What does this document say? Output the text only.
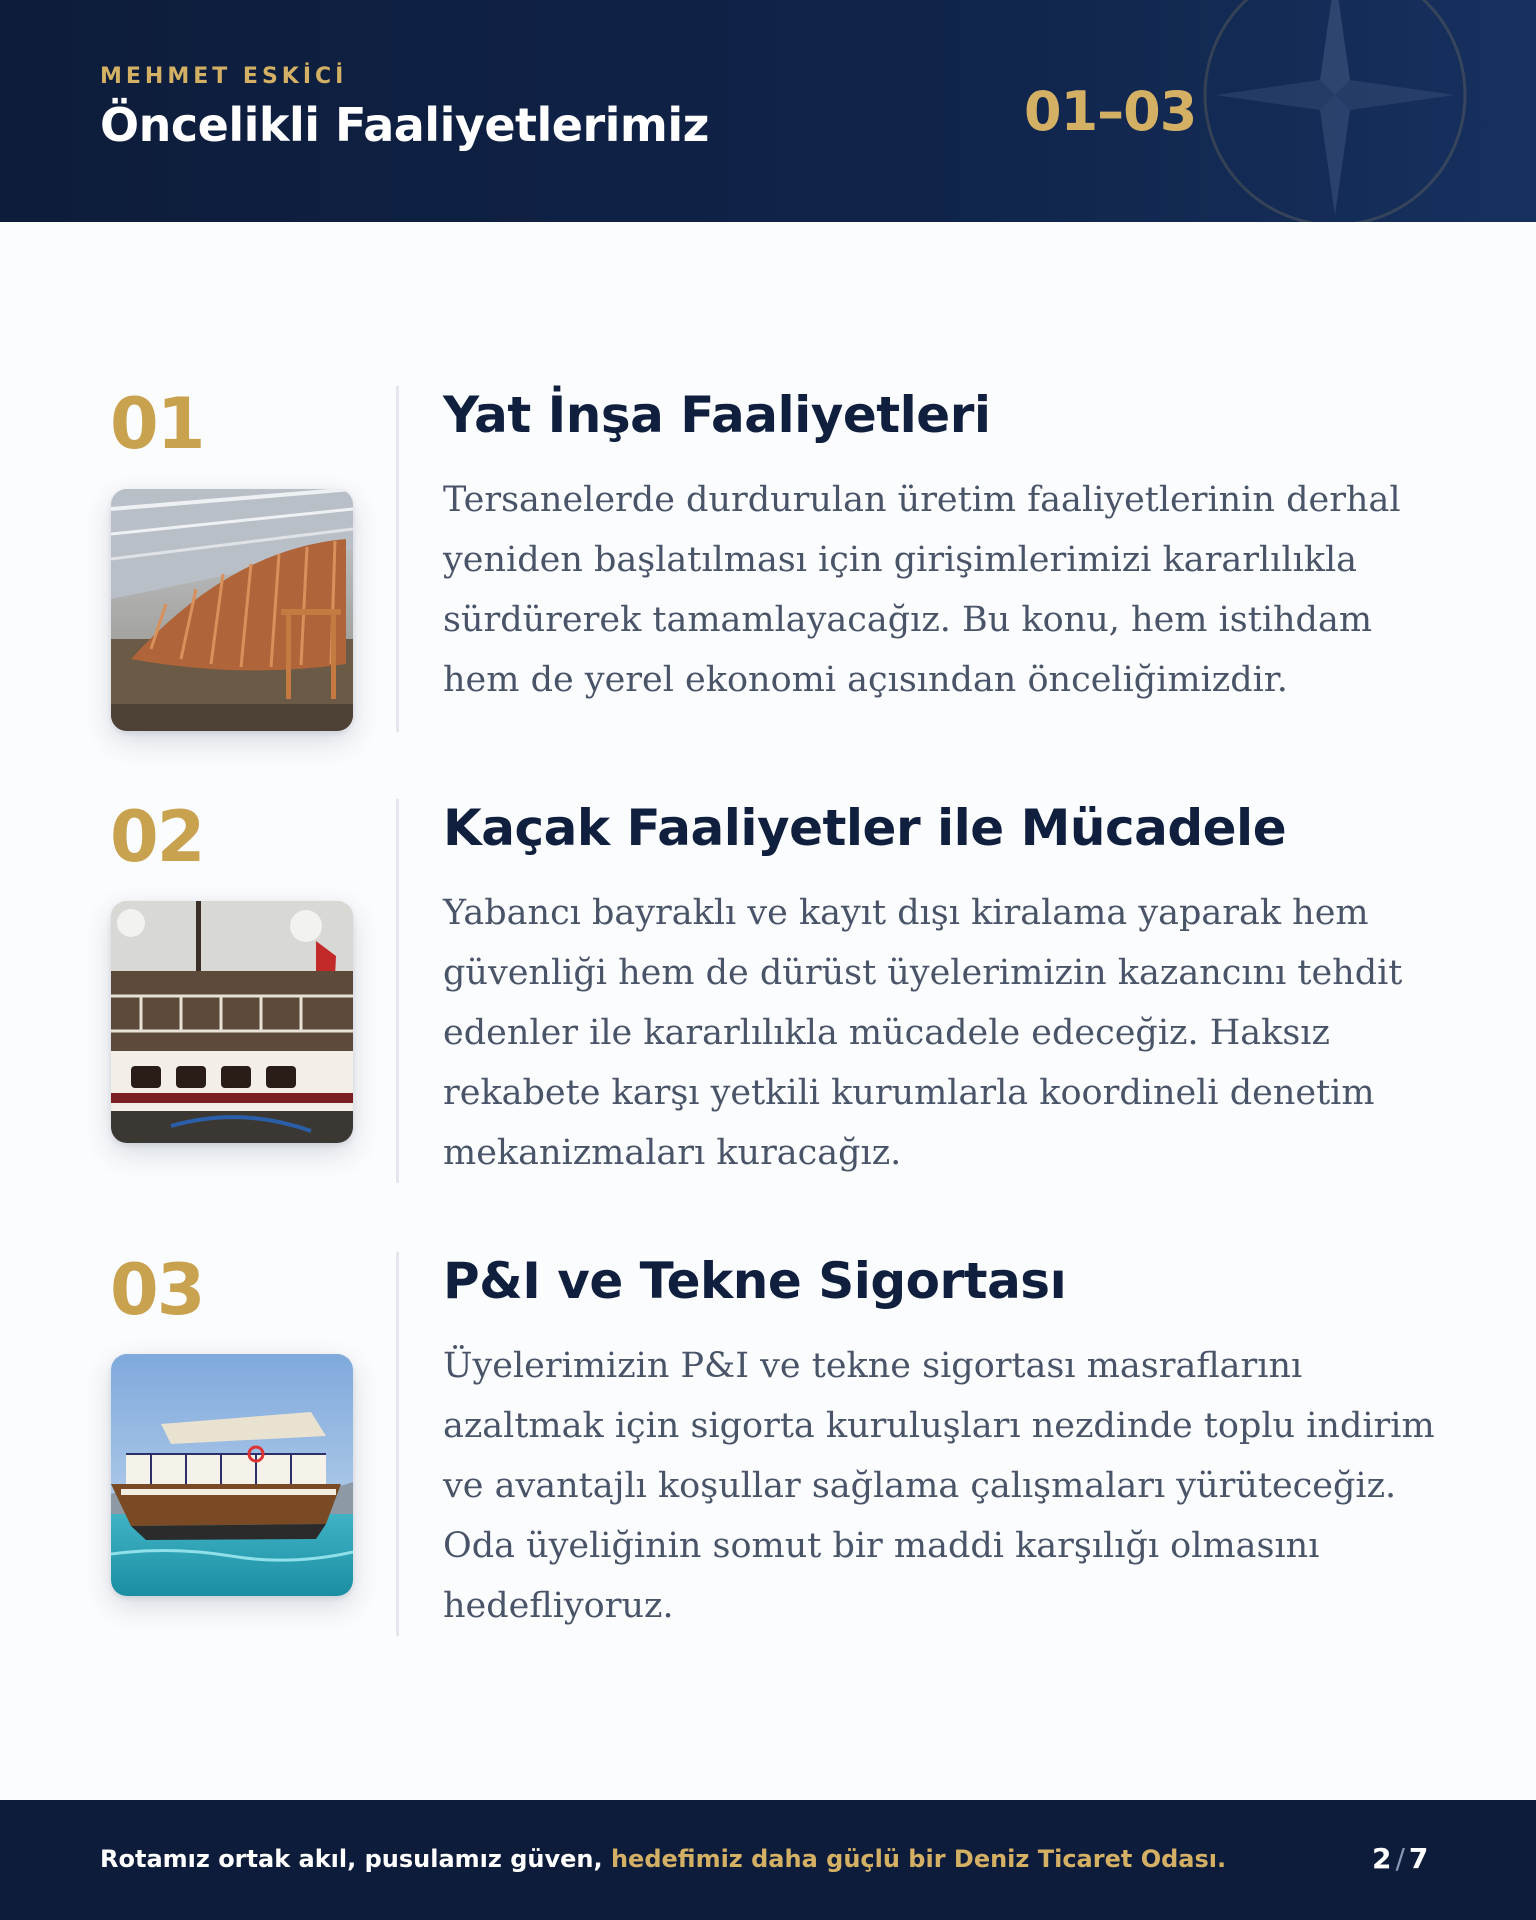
MEHMET ESKİCİ
Öncelikli Faaliyetlerimiz	01–03
01	Yat İnşa Faaliyetleri
Tersanelerde durdurulan üretim faaliyetlerinin derhal
yeniden başlatılması için girişimlerimizi kararlılıkla
sürdürerek tamamlayacağız. Bu konu, hem istihdam
hem de yerel ekonomi açısından önceliğimizdir.
02	Kaçak Faaliyetler ile Mücadele
Yabancı bayraklı ve kayıt dışı kiralama yaparak hem
güvenliği hem de dürüst üyelerimizin kazancını tehdit
edenler ile kararlılıkla mücadele edeceğiz. Haksız
rekabete karşı yetkili kurumlarla koordineli denetim
mekanizmaları kuracağız.
03	P&I ve Tekne Sigortası
Üyelerimizin P&I ve tekne sigortası masraflarını
azaltmak için sigorta kuruluşları nezdinde toplu indirim
ve avantajlı koşullar sağlama çalışmaları yürüteceğiz.
Oda üyeliğinin somut bir maddi karşılığı olmasını
hedefliyoruz.
Rotamız ortak akıl, pusulamız güven, hedefimiz daha güçlü bir Deniz Ticaret Odası.	2 / 7
